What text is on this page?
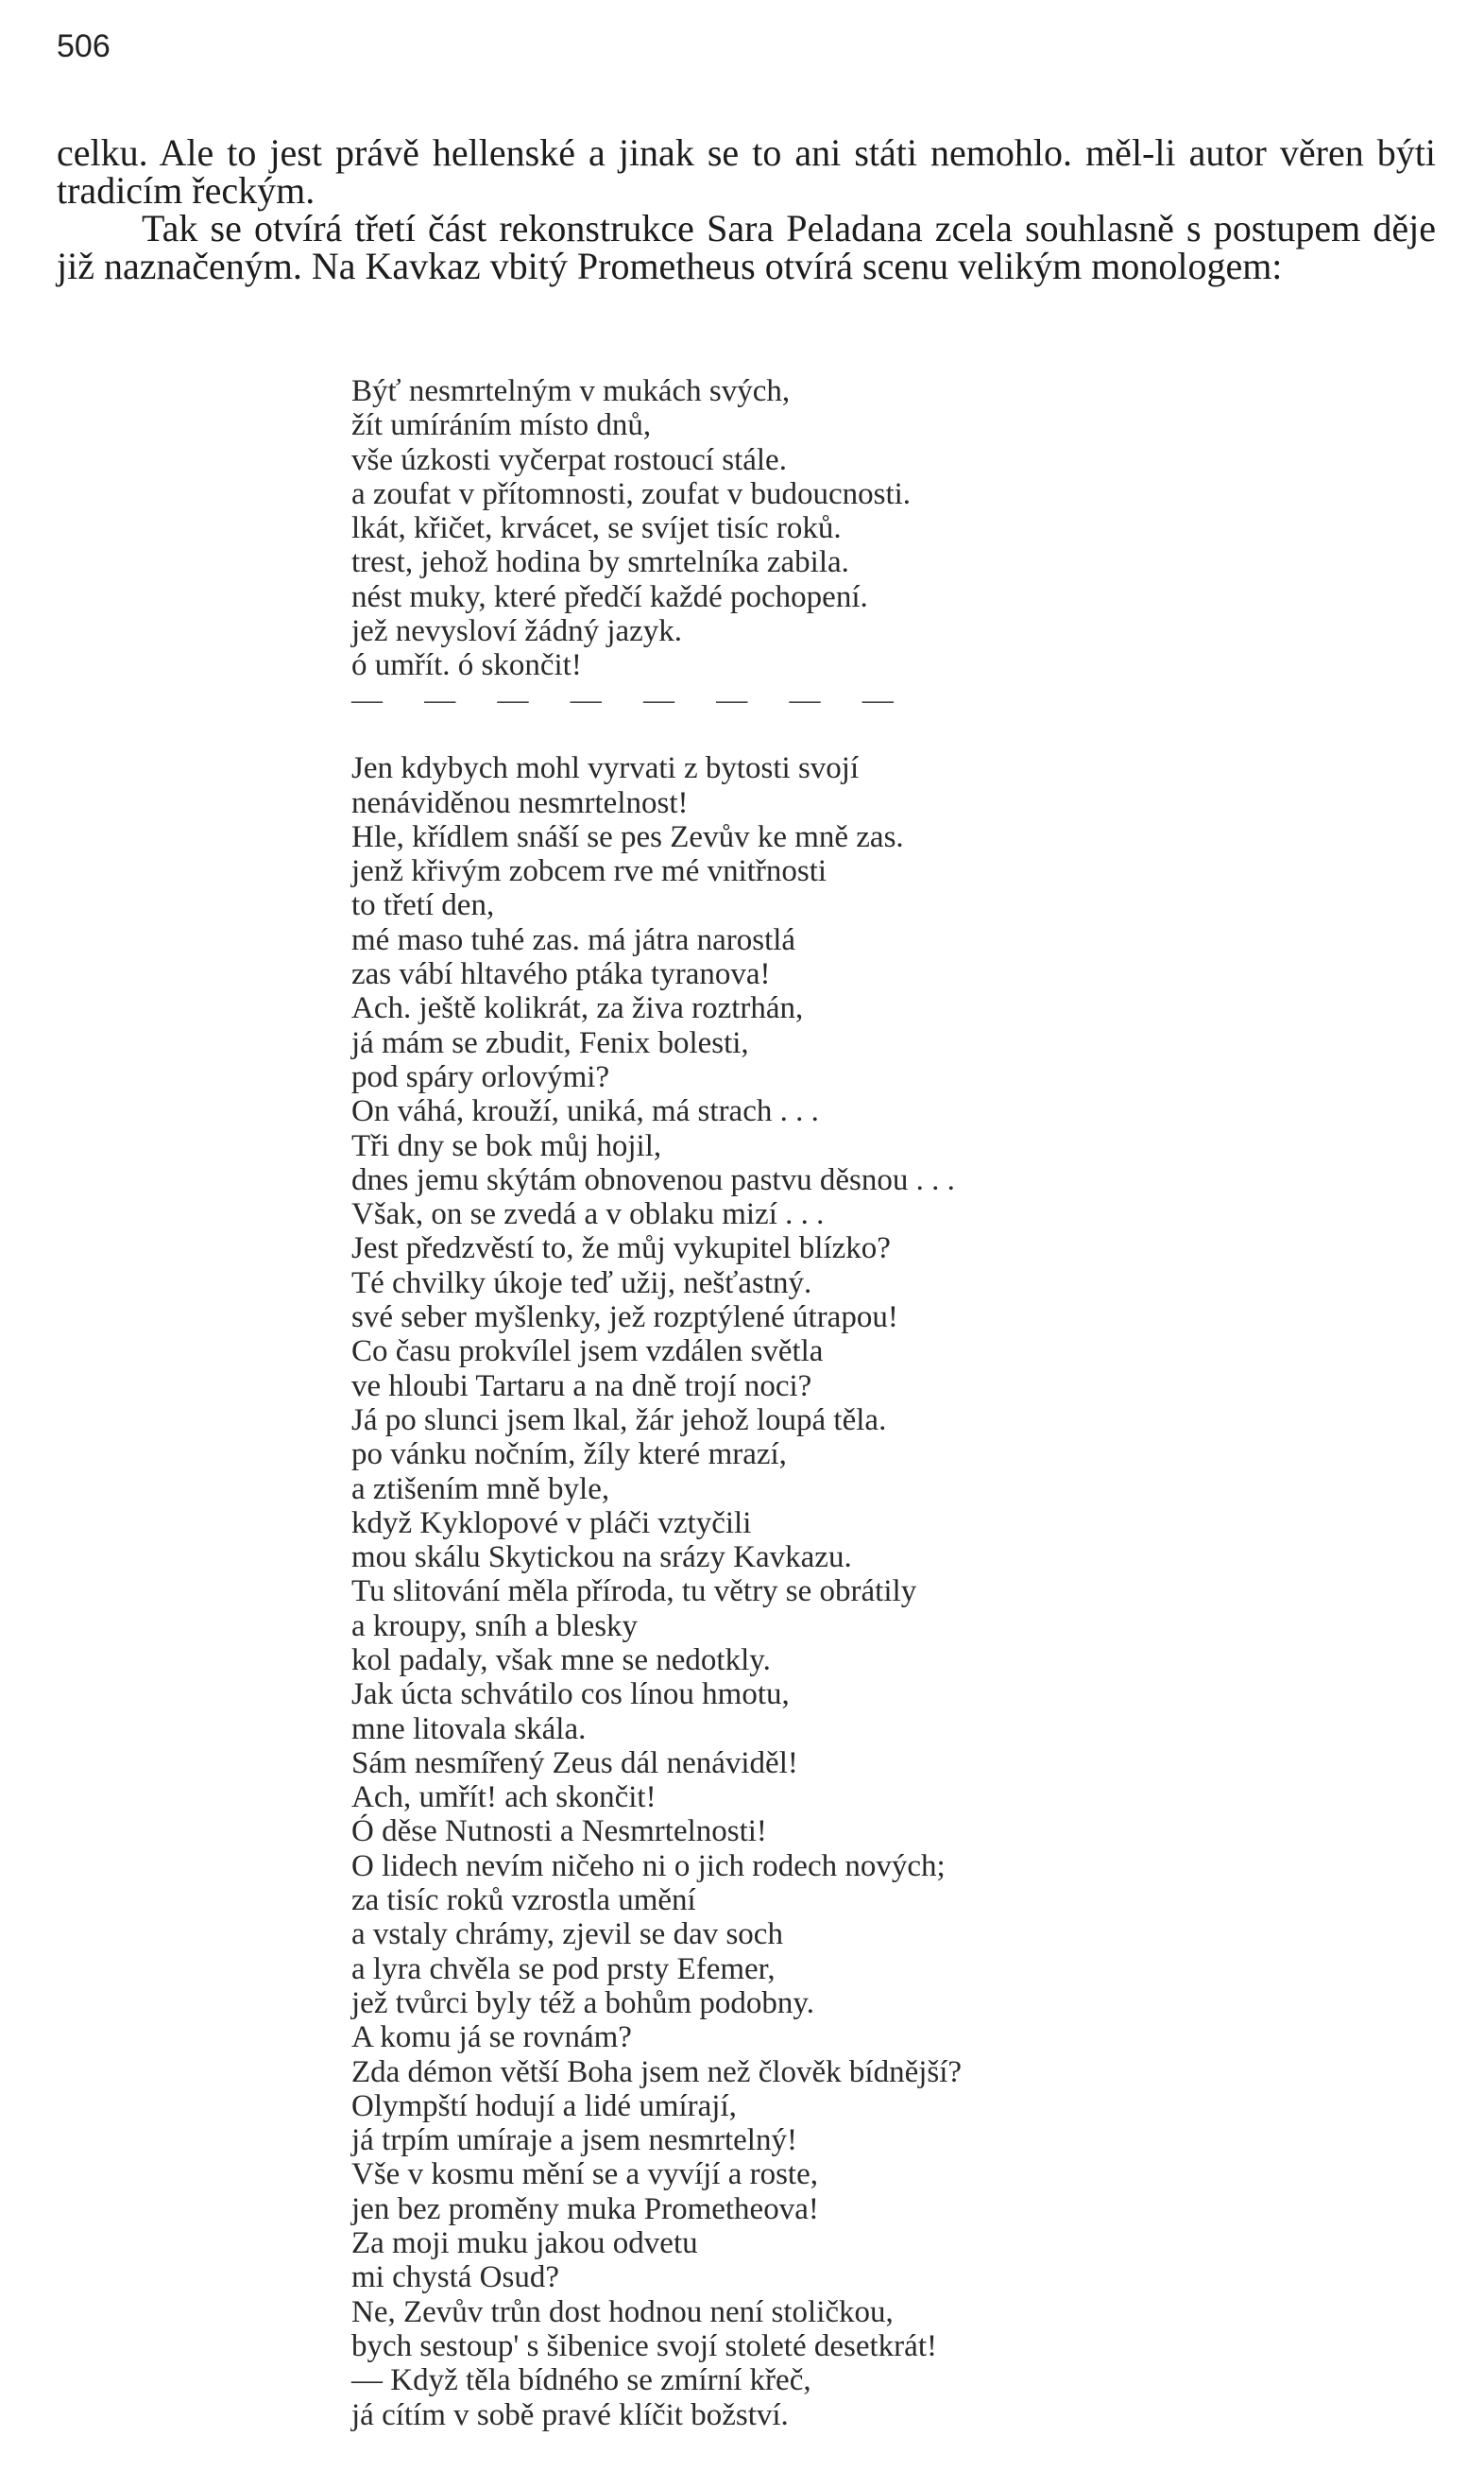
506

celku. Ale to jest právě hellenské a jinak se to ani státi nemohlo. měl-li autor věren býti tradicím řeckým.

Tak se otvírá třetí část rekonstrukce Sara Peladana zcela souhlasně s postupem děje již naznačeným. Na Kavkaz vbitý Prometheus otvírá scenu velikým monologem:

Býť nesmrtelným v mukách svých,
žít umíráním místo dnů,
vše úzkosti vyčerpat rostoucí stále.
a zoufat v přítomnosti, zoufat v budoucnosti.
lkát, křičet, krvácet, se svíjet tisíc roků.
trest, jehož hodina by smrtelníka zabila.
nést muky, které předčí každé pochopení.
jež nevysloví žádný jazyk.
ó umřít. ó skončit!
— — — — — — — —
Jen kdybych mohl vyrvati z bytosti svojí
nenáviděnou nesmrtelnost!
Hle, křídlem snáší se pes Zevův ke mně zas.
jenž křivým zobcem rve mé vnitřnosti
to třetí den,
mé maso tuhé zas. má játra narostlá
zas vábí hltavého ptáka tyranova!
Ach. ještě kolikrát, za živa roztrhán,
já mám se zbudit, Fenix bolesti,
pod spáry orlovými?
On váhá, krouží, uniká, má strach . . .
Tři dny se bok můj hojil,
dnes jemu skýtám obnovenou pastvu děsnou . . .
Však, on se zvedá a v oblaku mizí . . .
Jest předzvěstí to, že můj vykupitel blízko?
Té chvilky úkoje teď užij, nešťastný.
své seber myšlenky, jež rozptýlené útrapou!
Co času prokvílel jsem vzdálen světla
ve hloubi Tartaru a na dně trojí noci?
Já po slunci jsem lkal, žár jehož loupá těla.
po vánku nočním, žíly které mrazí,
a ztišením mně byle,
když Kyklopové v pláči vztyčili
mou skálu Skytickou na srázy Kavkazu.
Tu slitování měla příroda, tu větry se obrátily
a kroupy, sníh a blesky
kol padaly, však mne se nedotkly.
Jak úcta schvátilo cos línou hmotu,
mne litovala skála.
Sám nesmířený Zeus dál nenáviděl!
Ach, umřít! ach skončit!
Ó děse Nutnosti a Nesmrtelnosti!
O lidech nevím ničeho ni o jich rodech nových;
za tisíc roků vzrostla umění
a vstaly chrámy, zjevil se dav soch
a lyra chvěla se pod prsty Efemer,
jež tvůrci byly též a bohům podobny.
A komu já se rovnám?
Zda démon větší Boha jsem než člověk bídnější?
Olympští hodují a lidé umírají,
já trpím umíraje a jsem nesmrtelný!
Vše v kosmu mění se a vyvíjí a roste,
jen bez proměny muka Prometheova!
Za moji muku jakou odvetu
mi chystá Osud?
Ne, Zevův trůn dost hodnou není stoličkou,
bych sestoup' s šibenice svojí stoleté desetkrát!
— Když těla bídného se zmírní křeč,
já cítím v sobě pravé klíčit božství.
